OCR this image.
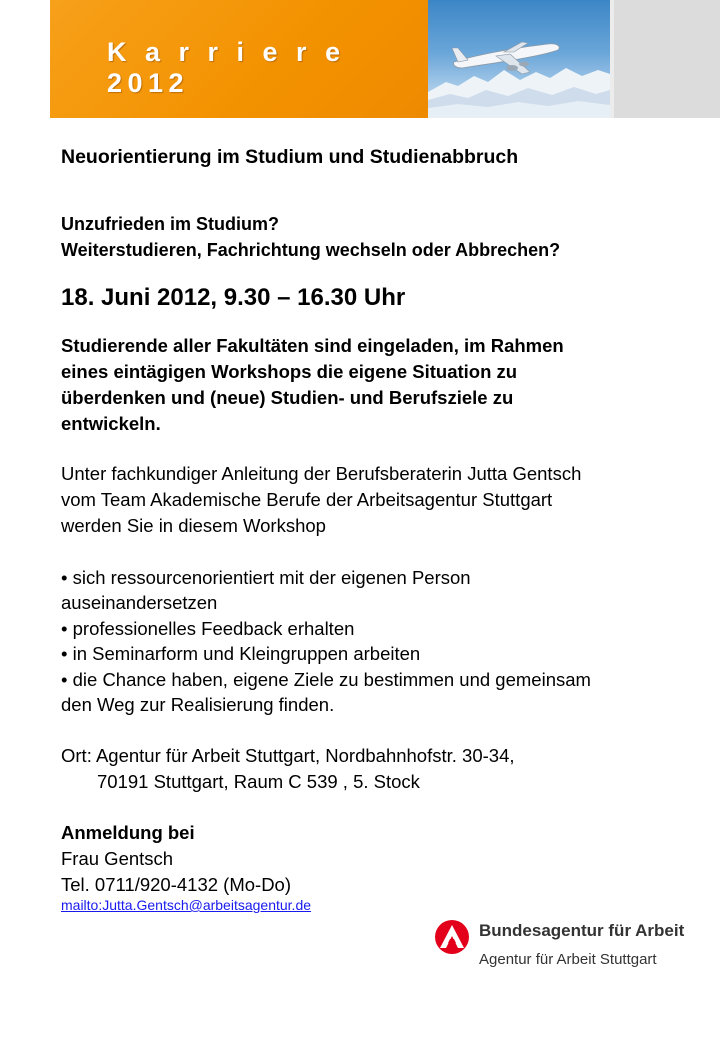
K a r r i e r e 2012
Neuorientierung im Studium und Studienabbruch
Unzufrieden im Studium?
Weiterstudieren, Fachrichtung wechseln oder Abbrechen?
18. Juni 2012, 9.30 – 16.30 Uhr
Studierende aller Fakultäten sind eingeladen, im Rahmen
eines eintägigen Workshops die eigene Situation zu
überdenken und (neue) Studien- und Berufsziele zu
entwickeln.
Unter fachkundiger Anleitung der Berufsberaterin Jutta Gentsch
vom Team Akademische Berufe der Arbeitsagentur Stuttgart
werden Sie in diesem Workshop
• sich ressourcenorientiert mit der eigenen Person
auseinandersetzen
• professionelles Feedback erhalten
• in Seminarform und Kleingruppen arbeiten
• die Chance haben, eigene Ziele zu bestimmen und gemeinsam
den Weg zur Realisierung finden.
Ort: Agentur für Arbeit Stuttgart, Nordbahnhofstr. 30-34,
70191 Stuttgart, Raum C 539 , 5. Stock
Anmeldung bei
Frau Gentsch
Tel. 0711/920-4132 (Mo-Do)
mailto:Jutta.Gentsch@arbeitsagentur.de
Bundesagentur für Arbeit
Agentur für Arbeit Stuttgart
